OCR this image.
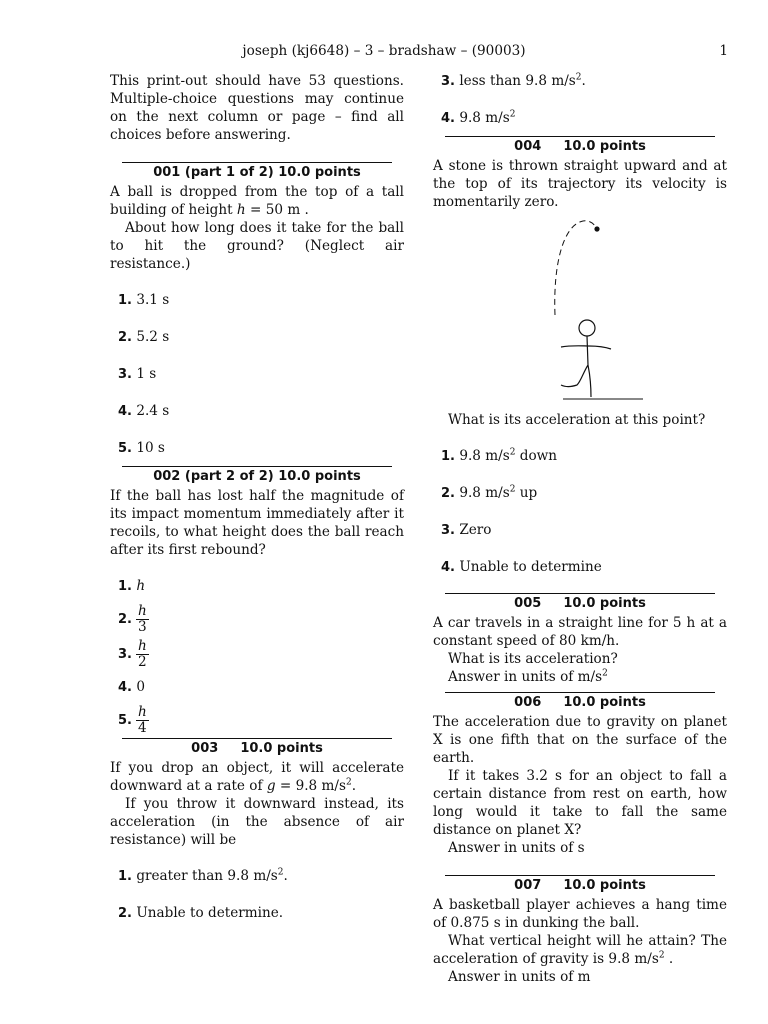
joseph (kj6648) – 3 – bradshaw – (90003)	1

This print-out should have 53 questions. Multiple-choice questions may continue on the next column or page – find all choices before answering.

001 (part 1 of 2) 10.0 points

A ball is dropped from the top of a tall building of height h = 50 m .

About how long does it take for the ball to hit the ground? (Neglect air resistance.)

1. 3.1 s
2. 5.2 s
3. 1 s
4. 2.4 s
5. 10 s
002 (part 2 of 2) 10.0 points

If the ball has lost half the magnitude of its impact momentum immediately after it recoils, to what height does the ball reach after its first rebound?

1. h
2. $\frac{h}{3}$
3. $\frac{h}{2}$
4. 0
5. $\frac{h}{4}$
003 10.0 points

If you drop an object, it will accelerate downward at a rate of g = 9.8 $m/s^2$.

If you throw it downward instead, its acceleration (in the absence of air resistance) will be

1. greater than 9.8 $m/s^2$.
2. Unable to determine.
3. less than 9.8 $m/s^2$.
4. 9.8 $m/s^2$
004 10.0 points

A stone is thrown straight upward and at the top of its trajectory its velocity is momentarily zero.

What is its acceleration at this point?

1. 9.8 $m/s^2$ down
2. 9.8 $m/s^2$ up
3. Zero
4. Unable to determine
005 10.0 points

A car travels in a straight line for 5 h at a constant speed of 80 km/h.

What is its acceleration?

Answer in units of $m/s^2$

006 10.0 points

The acceleration due to gravity on planet X is one fifth that on the surface of the earth.

If it takes 3.2 s for an object to fall a certain distance from rest on earth, how long would it take to fall the same distance on planet X?

Answer in units of s

007 10.0 points

A basketball player achieves a hang time of 0.875 s in dunking the ball.

What vertical height will he attain? The acceleration of gravity is 9.8 $m/s^2$ .

Answer in units of m
